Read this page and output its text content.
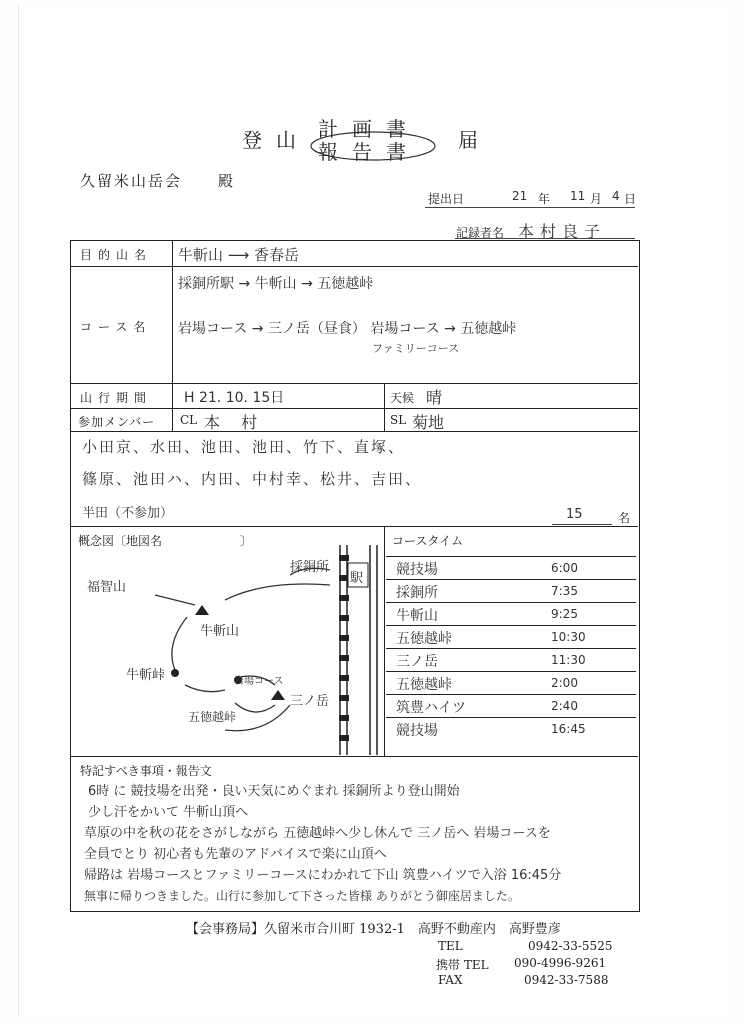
登山 計画書
報告書 届
久留米山岳会 殿
提出日	21 年 11 月 4 日
記録者名 本村良子
目的山名 牛斬山 ⟶ 香春岳
コース名
採銅所駅 → 牛斬山 → 五徳越峠
岩場コース → 三ノ岳（昼食） 岩場コース → 五徳越峠
ファミリーコース
山行期間 H 21. 10. 15日	天候 晴
参加メンバー CL 本 村	SL 菊地
小田京、水田、池田、池田、竹下、直塚、
篠原、池田ハ、内田、中村幸、松井、吉田、
半田（不参加）	15	名
概念図〔地図名	〕	コースタイム
競技場	6:00
採銅所	7:35
牛斬山	9:25
五徳越峠	10:30
三ノ岳	11:30
五徳越峠	2:00
筑豊ハイツ	2:40
競技場	16:45
採銅所
駅
福智山
牛斬山
牛斬峠	岩場コース
三ノ岳
五徳越峠
特記すべき事項・報告文
6時 に 競技場を出発・良い天気にめぐまれ 採銅所より登山開始
少し汗をかいて 牛斬山頂へ
草原の中を秋の花をさがしながら 五徳越峠へ少し休んで 三ノ岳へ 岩場コースを
全員でとり 初心者も先輩のアドバイスで楽に山頂へ
帰路は 岩場コースとファミリーコースにわかれて下山 筑豊ハイツで入浴 16:45分
無事に帰りつきました。山行に参加して下さった皆様 ありがとう御座居ました。
【会事務局】久留米市合川町 1932-1　高野不動産内　高野豊彦
TEL	0942-33-5525
携帯 TEL 090-4996-9261
FAX	0942-33-7588
